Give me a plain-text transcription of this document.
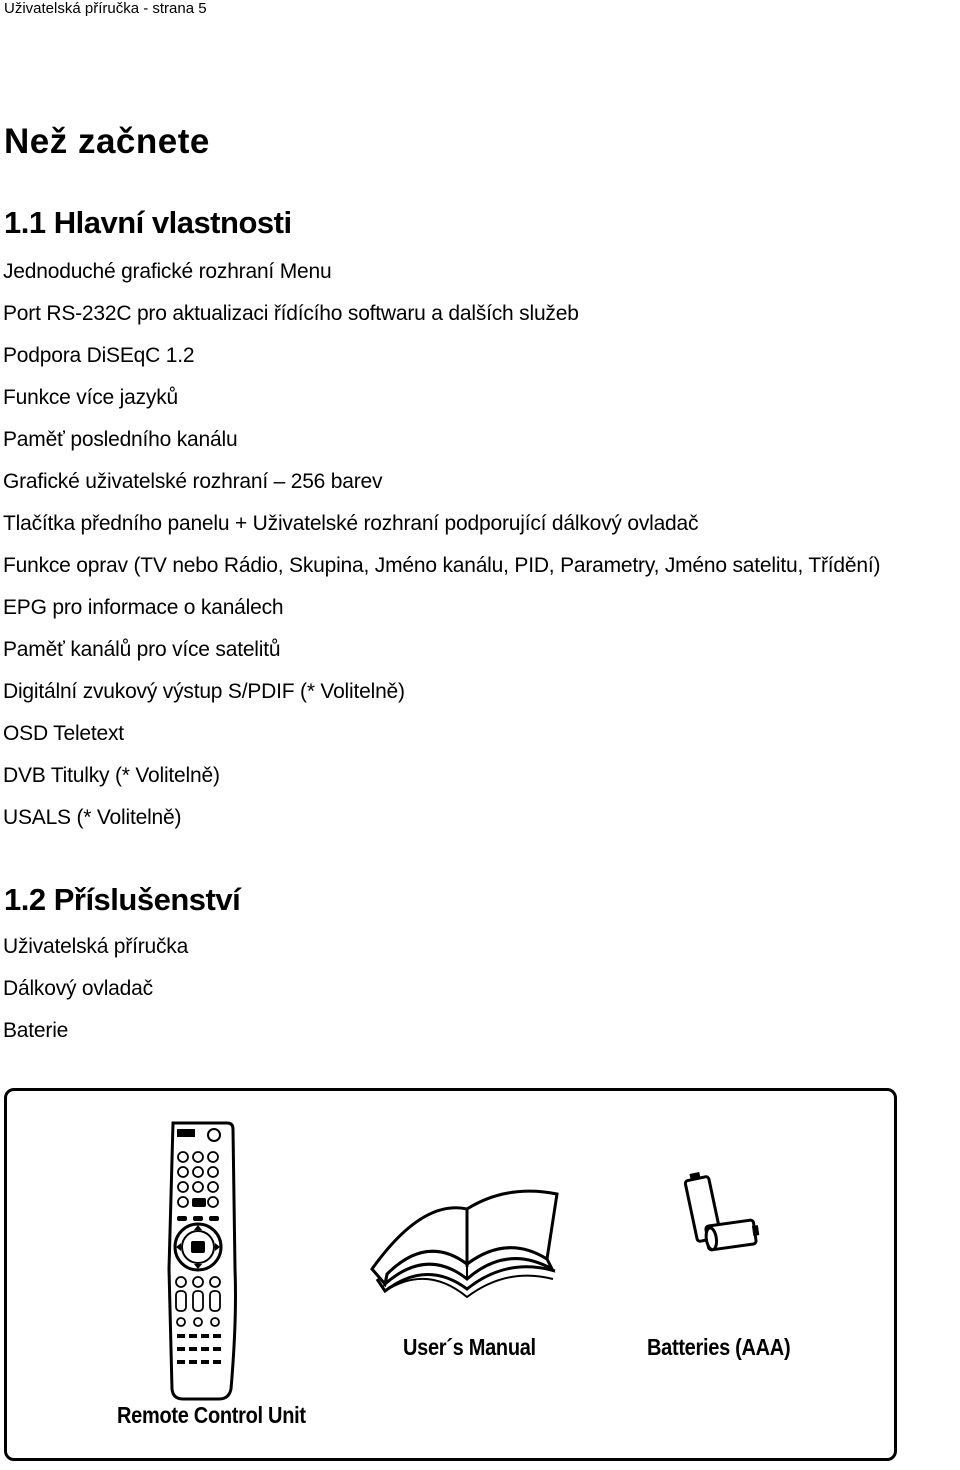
Uživatelská příručka - strana 5
Než začnete
1.1 Hlavní vlastnosti
Jednoduché grafické rozhraní Menu
Port RS-232C pro aktualizaci řídícího softwaru a dalších služeb
Podpora DiSEqC 1.2
Funkce více jazyků
Paměť posledního kanálu
Grafické uživatelské rozhraní – 256 barev
Tlačítka předního panelu + Uživatelské rozhraní podporující dálkový ovladač
Funkce oprav (TV nebo Rádio, Skupina, Jméno kanálu, PID, Parametry, Jméno satelitu, Třídění)
EPG pro informace o kanálech
Paměť kanálů pro více satelitů
Digitální zvukový výstup S/PDIF (* Volitelně)
OSD Teletext
DVB Titulky (* Volitelně)
USALS (* Volitelně)
1.2 Příslušenství
Uživatelská příručka
Dálkový ovladač
Baterie
Remote Control Unit
User´s Manual	Batteries (AAA)
